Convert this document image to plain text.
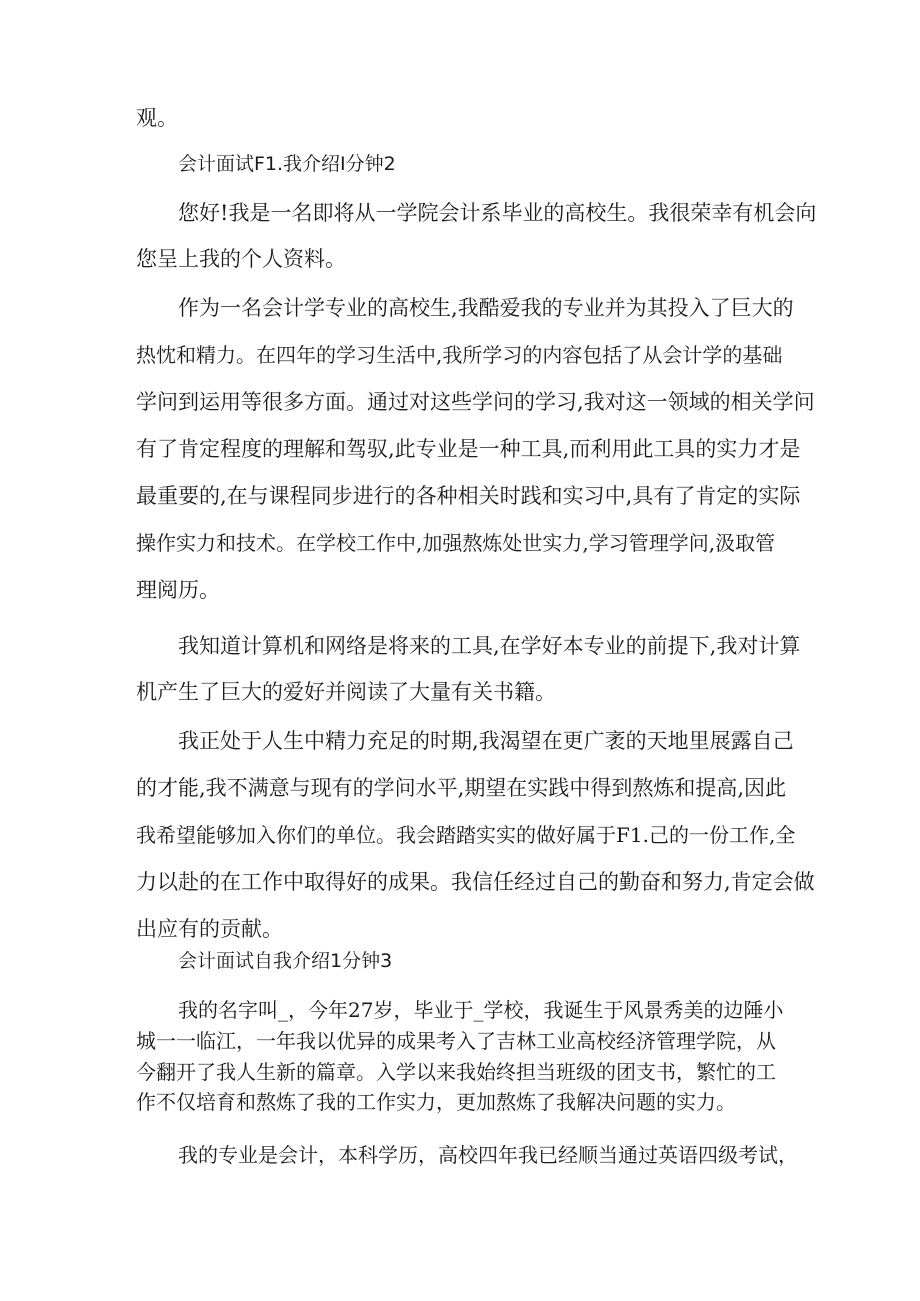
观。
会计面试F1.我介绍I分钟2
您好!我是一名即将从一学院会计系毕业的高校生。我很荣幸有机会向
您呈上我的个人资料。
作为一名会计学专业的高校生,我酷爱我的专业并为其投入了巨大的
热忱和精力。在四年的学习生活中,我所学习的内容包括了从会计学的基础
学问到运用等很多方面。通过对这些学问的学习,我对这一领域的相关学问
有了肯定程度的理解和驾驭,此专业是一种工具,而利用此工具的实力才是
最重要的,在与课程同步进行的各种相关时践和实习中,具有了肯定的实际
操作实力和技术。在学校工作中,加强熬炼处世实力,学习管理学问,汲取管
理阅历。
我知道计算机和网络是将来的工具,在学好本专业的前提下,我对计算
机产生了巨大的爱好并阅读了大量有关书籍。
我正处于人生中精力充足的时期,我渴望在更广袤的天地里展露自己
的才能,我不满意与现有的学问水平,期望在实践中得到熬炼和提高,因此
我希望能够加入你们的单位。我会踏踏实实的做好属于F1.己的一份工作,全
力以赴的在工作中取得好的成果。我信任经过自己的勤奋和努力,肯定会做
出应有的贡献。
会计面试自我介绍1分钟3
我的名字叫_，今年27岁，毕业于_学校，我诞生于风景秀美的边陲小
城一一临江，一年我以优异的成果考入了吉林工业高校经济管理学院，从
今翻开了我人生新的篇章。入学以来我始终担当班级的团支书，繁忙的工
作不仅培育和熬炼了我的工作实力，更加熬炼了我解决问题的实力。
我的专业是会计，本科学历，高校四年我已经顺当通过英语四级考试，
